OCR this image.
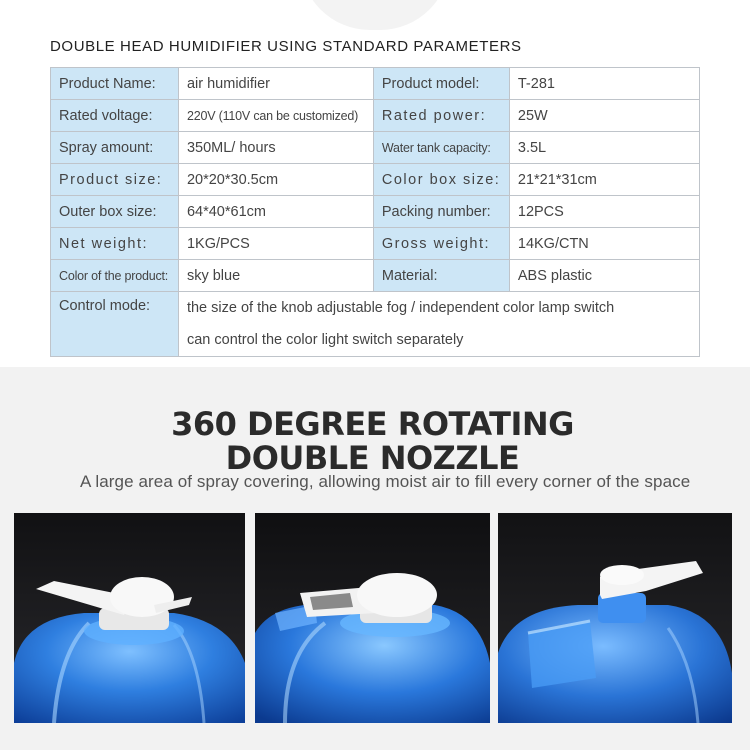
DOUBLE HEAD HUMIDIFIER USING STANDARD PARAMETERS
Product Name:	air humidifier	Product model:	T-281
Rated voltage:	220V (110V can be customized)	Rated power:	25W
Spray amount:	350ML/ hours	Water tank capacity:	3.5L
Product size:	20*20*30.5cm	Color box size:	21*21*31cm
Outer box size:	64*40*61cm	Packing number:	12PCS
Net weight:	1KG/PCS	Gross weight:	14KG/CTN
Color of the product:	sky blue	Material:	ABS plastic
Control mode:	the size of the knob adjustable fog / independent color lamp switch
can control the color light switch separately		
360 DEGREE ROTATING
DOUBLE NOZZLE
A large area of spray covering, allowing moist air to fill every corner of the space
